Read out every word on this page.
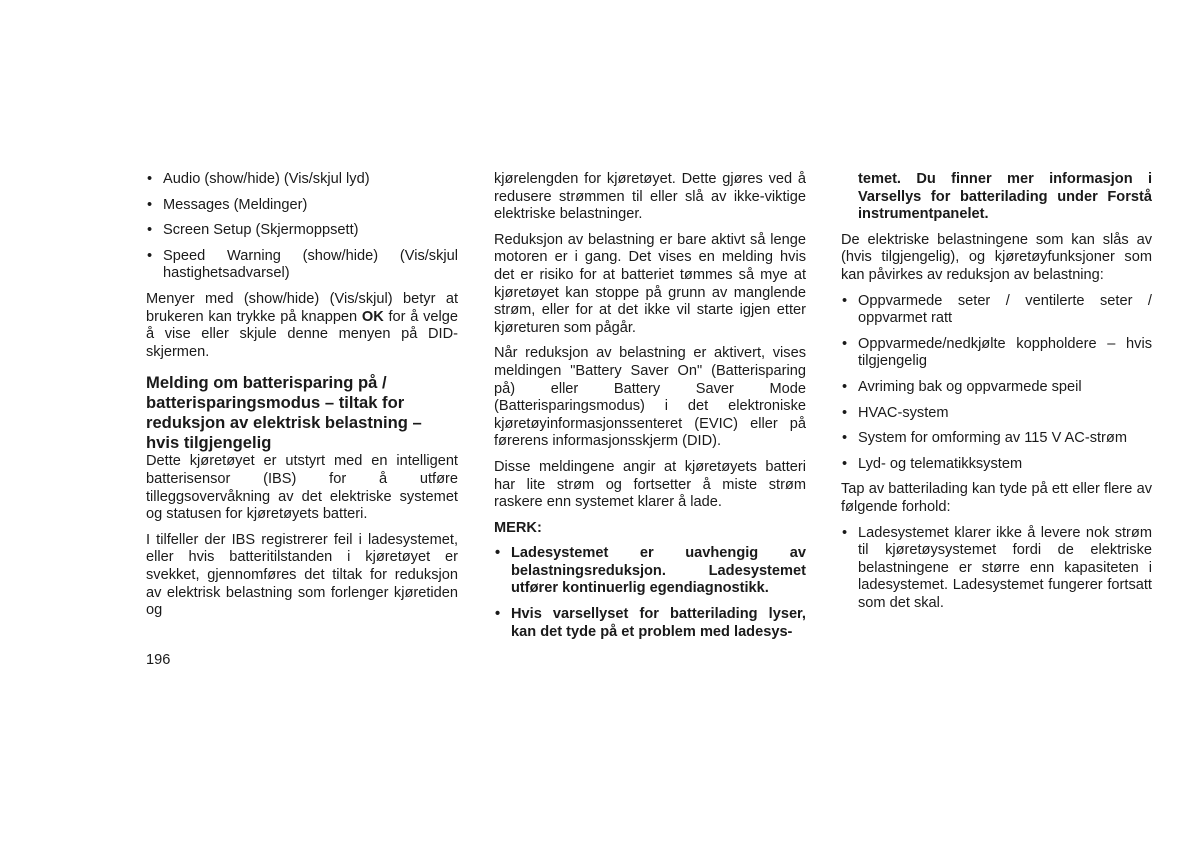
• Audio (show/hide) (Vis/skjul lyd)
• Messages (Meldinger)
• Screen Setup (Skjermoppsett)
• Speed Warning (show/hide) (Vis/skjul hastighetsadvarsel)

Menyer med (show/hide) (Vis/skjul) betyr at brukeren kan trykke på knappen OK for å velge å vise eller skjule denne menyen på DID-skjermen.

Melding om batterisparing på / batterisparingsmodus – tiltak for reduksjon av elektrisk belastning – hvis tilgjengelig

Dette kjøretøyet er utstyrt med en intelligent batterisensor (IBS) for å utføre tilleggsovervåkning av det elektriske systemet og statusen for kjøretøyets batteri.

I tilfeller der IBS registrerer feil i ladesystemet, eller hvis batteritilstanden i kjøretøyet er svekket, gjennomføres det tiltak for reduksjon av elektrisk belastning som forlenger kjøretiden og

kjørelengden for kjøretøyet. Dette gjøres ved å redusere strømmen til eller slå av ikke-viktige elektriske belastninger.

Reduksjon av belastning er bare aktivt så lenge motoren er i gang. Det vises en melding hvis det er risiko for at batteriet tømmes så mye at kjøretøyet kan stoppe på grunn av manglende strøm, eller for at det ikke vil starte igjen etter kjøreturen som pågår.

Når reduksjon av belastning er aktivert, vises meldingen "Battery Saver On" (Batterisparing på) eller Battery Saver Mode (Batterisparingsmodus) i det elektroniske kjøretøyinformasjonssenteret (EVIC) eller på førerens informasjonsskjerm (DID).

Disse meldingene angir at kjøretøyets batteri har lite strøm og fortsetter å miste strøm raskere enn systemet klarer å lade.

MERK:

• Ladesystemet er uavhengig av belastningsreduksjon. Ladesystemet utfører kontinuerlig egendiagnostikk.
• Hvis varsellyset for batterilading lyser, kan det tyde på et problem med ladesys-

temet. Du finner mer informasjon i Varsellys for batterilading under Forstå instrumentpanelet.

De elektriske belastningene som kan slås av (hvis tilgjengelig), og kjøretøyfunksjoner som kan påvirkes av reduksjon av belastning:

• Oppvarmede seter / ventilerte seter / oppvarmet ratt
• Oppvarmede/nedkjølte koppholdere – hvis tilgjengelig
• Avriming bak og oppvarmede speil
• HVAC-system
• System for omforming av 115 V AC-strøm
• Lyd- og telematikksystem

Tap av batterilading kan tyde på ett eller flere av følgende forhold:

• Ladesystemet klarer ikke å levere nok strøm til kjøretøysystemet fordi de elektriske belastningene er større enn kapasiteten i ladesystemet. Ladesystemet fungerer fortsatt som det skal.
196
